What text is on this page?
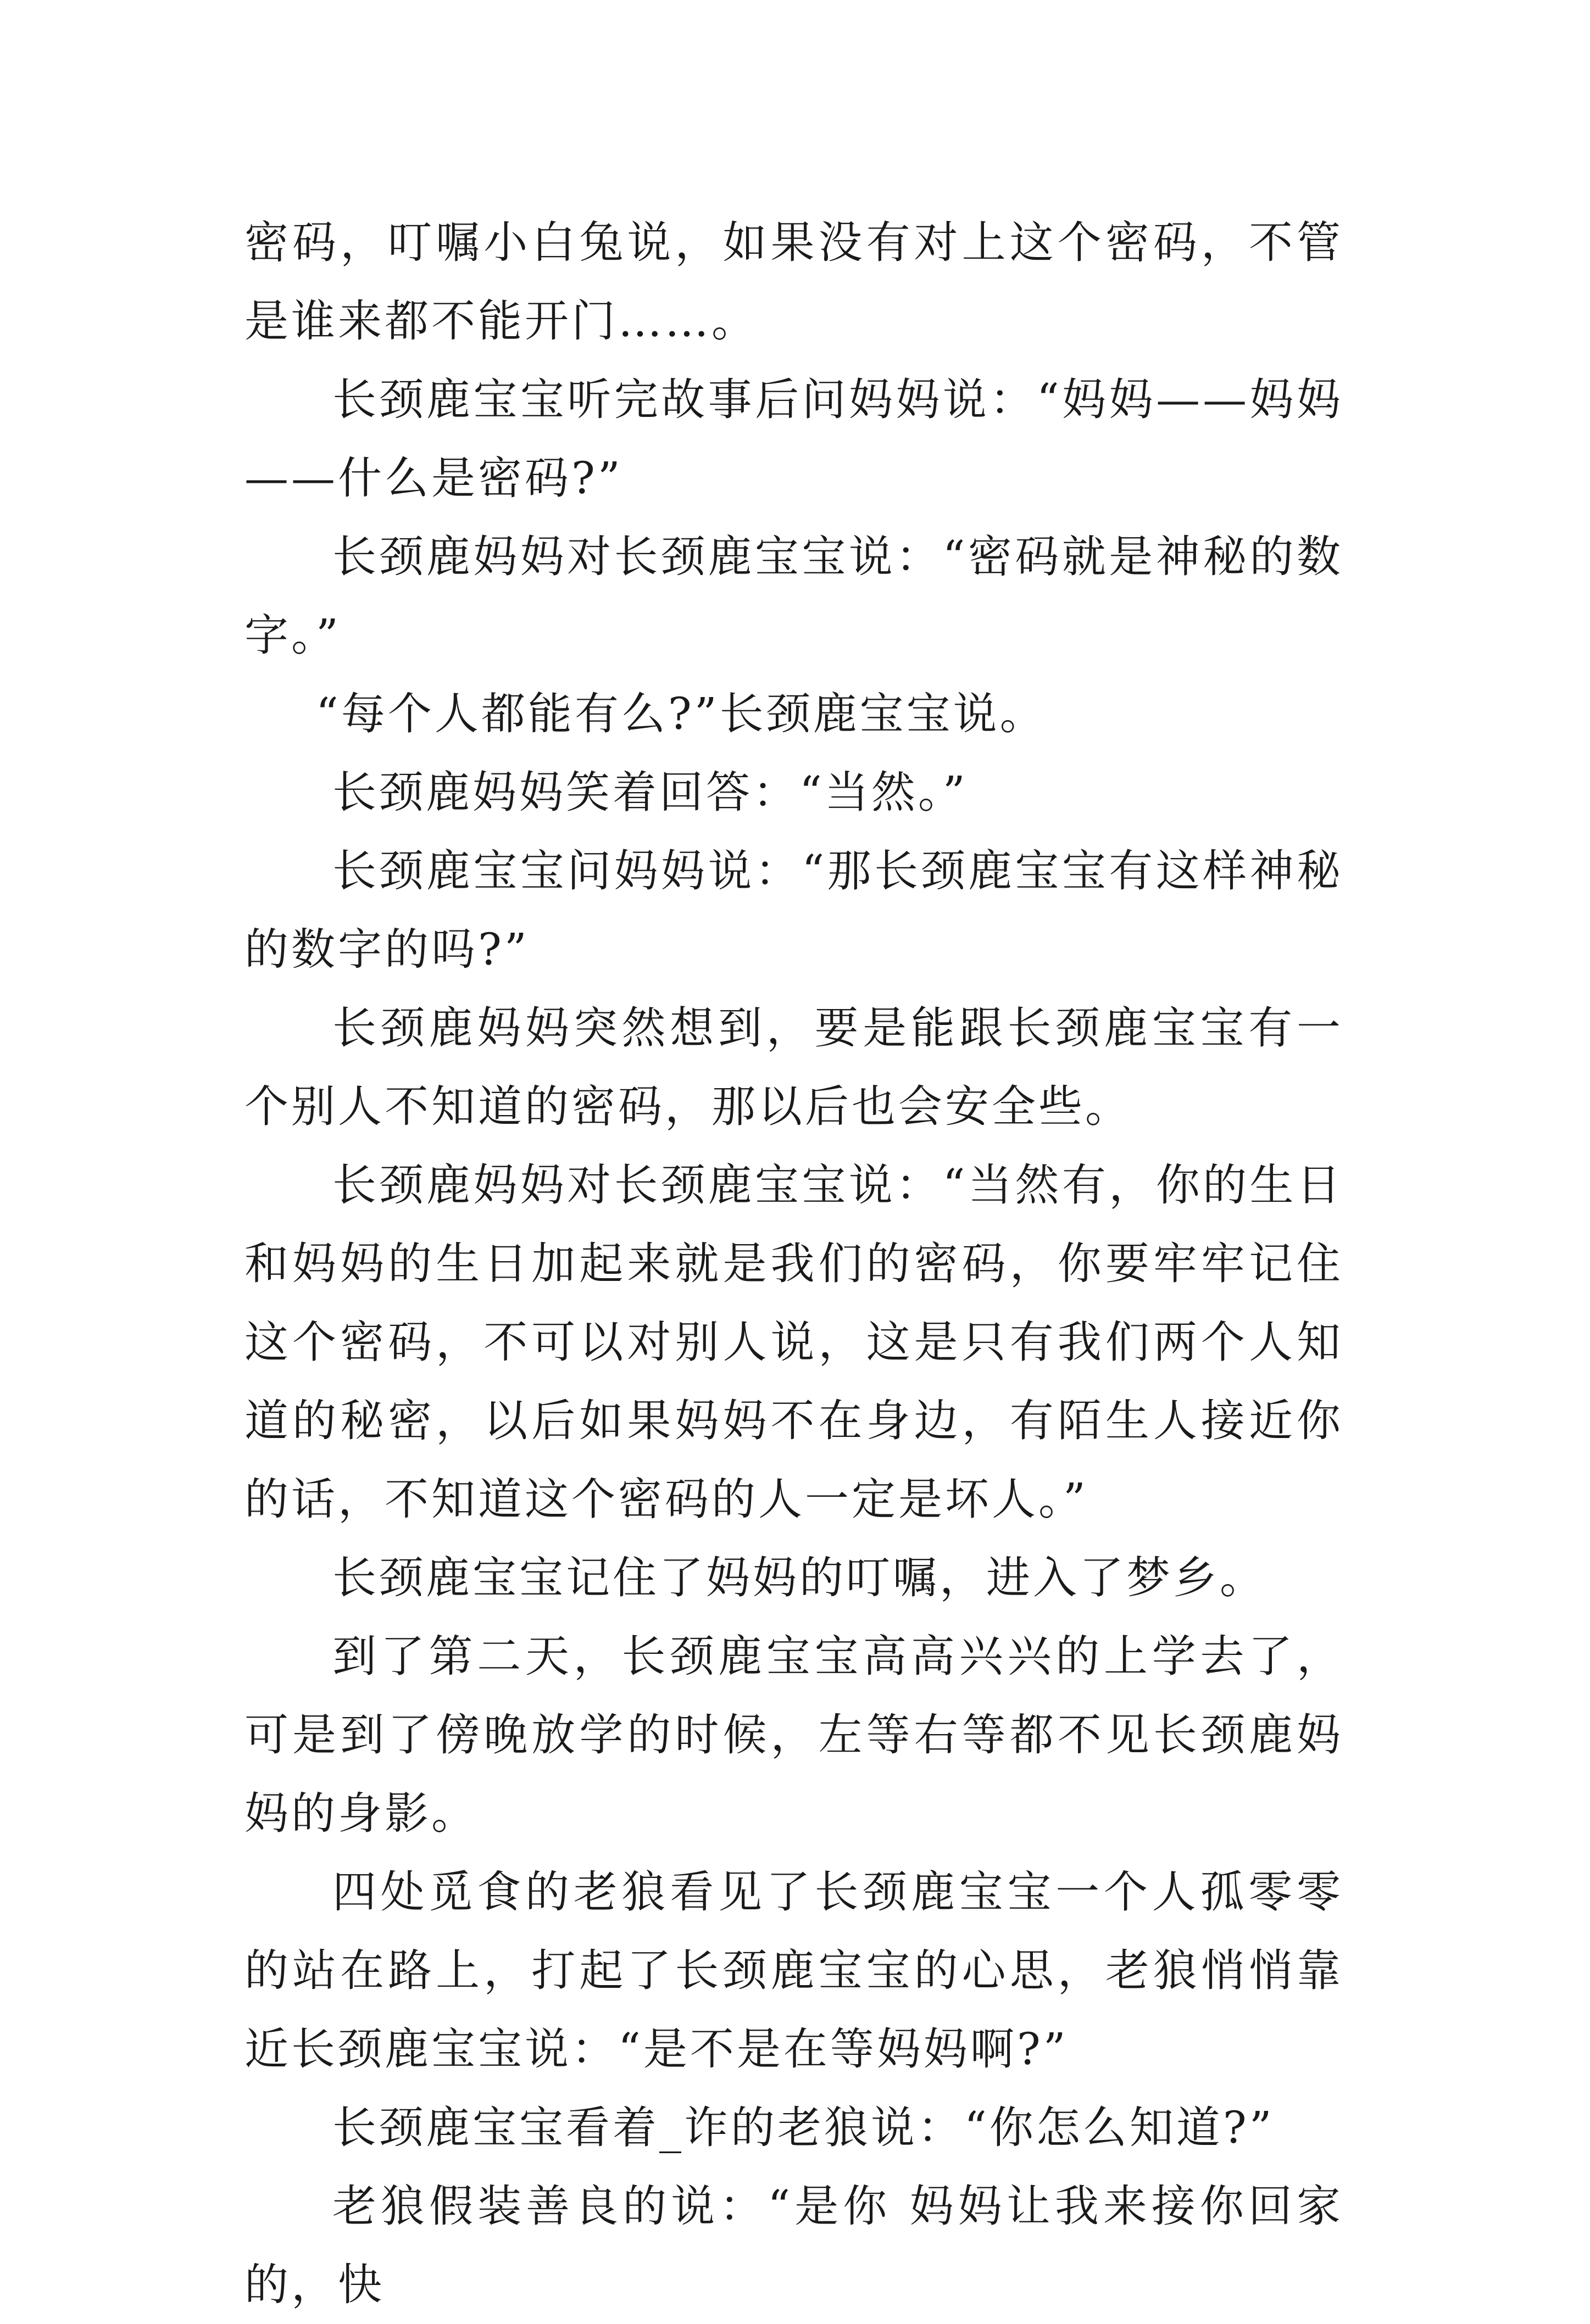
密码，叮嘱小白兔说，如果没有对上这个密码，不管是谁来都不能开门……。

长颈鹿宝宝听完故事后问妈妈说：“妈妈——妈妈——什么是密码?”

长颈鹿妈妈对长颈鹿宝宝说：“密码就是神秘的数字。”

“每个人都能有么?”长颈鹿宝宝说。

长颈鹿妈妈笑着回答：“当然。”

长颈鹿宝宝问妈妈说：“那长颈鹿宝宝有这样神秘的数字的吗?”

长颈鹿妈妈突然想到，要是能跟长颈鹿宝宝有一个别人不知道的密码，那以后也会安全些。

长颈鹿妈妈对长颈鹿宝宝说：“当然有，你的生日和妈妈的生日加起来就是我们的密码，你要牢牢记住这个密码，不可以对别人说，这是只有我们两个人知道的秘密，以后如果妈妈不在身边，有陌生人接近你的话，不知道这个密码的人一定是坏人。”

长颈鹿宝宝记住了妈妈的叮嘱，进入了梦乡。

到了第二天，长颈鹿宝宝高高兴兴的上学去了，可是到了傍晚放学的时候，左等右等都不见长颈鹿妈妈的身影。

四处觅食的老狼看见了长颈鹿宝宝一个人孤零零的站在路上，打起了长颈鹿宝宝的心思，老狼悄悄靠近长颈鹿宝宝说：“是不是在等妈妈啊?”

长颈鹿宝宝看着_诈的老狼说：“你怎么知道?”

老狼假装善良的说：“是你 妈妈让我来接你回家的，快
